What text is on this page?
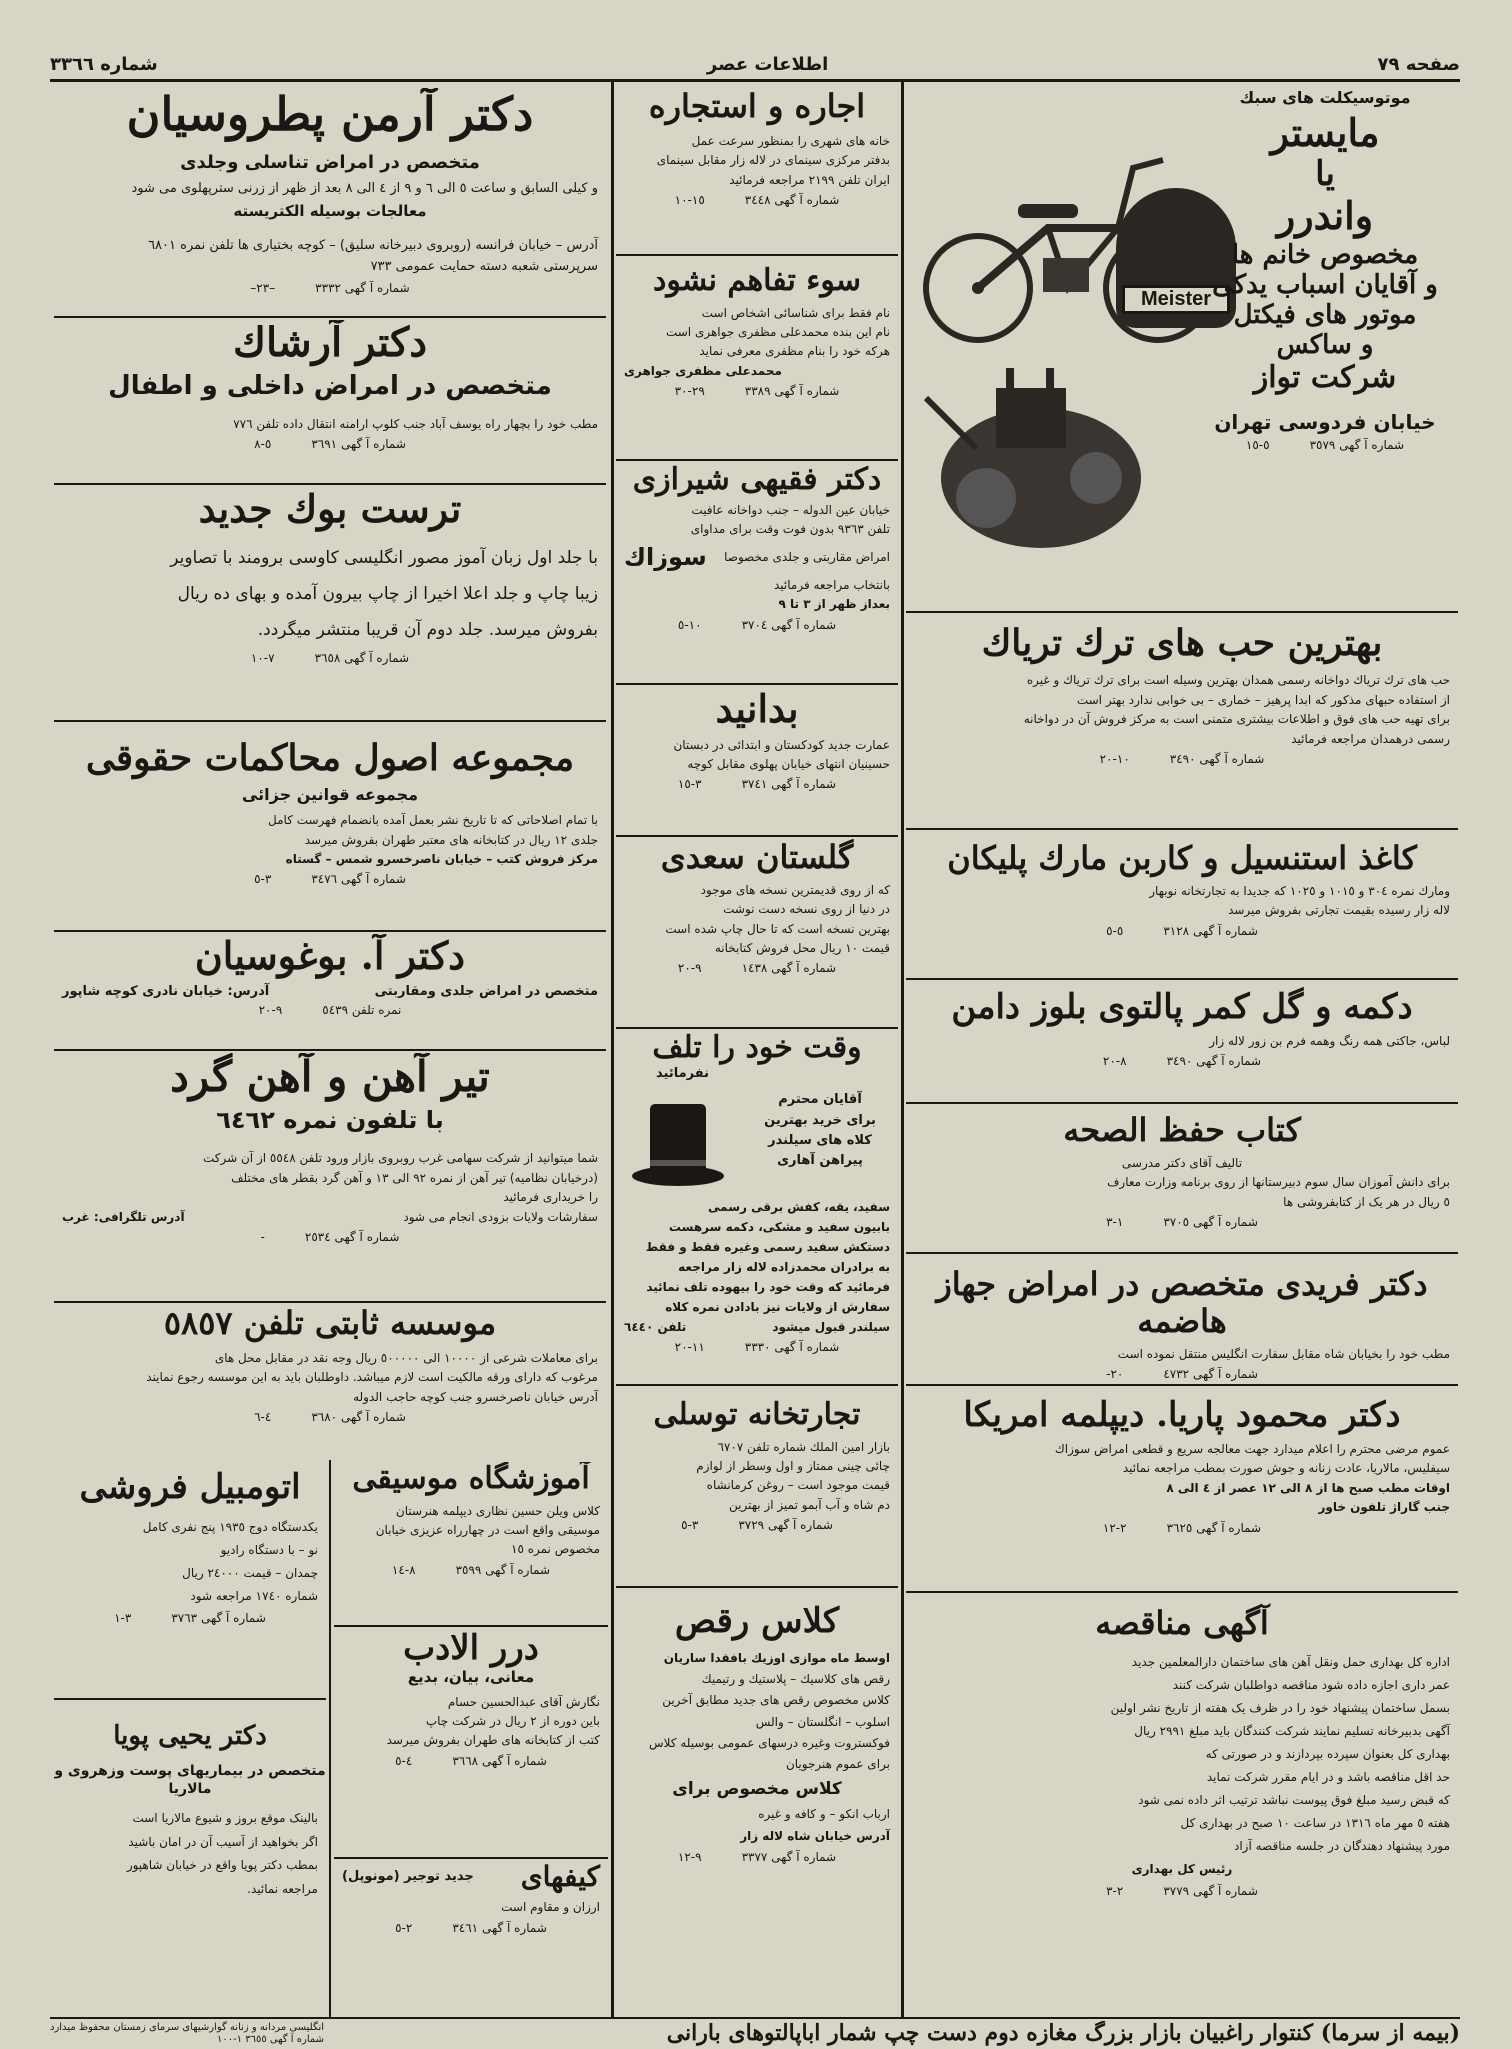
صفحه ٧٩
اطلاعات عصر
شماره ٣٣٦٦
دکتر آرمن پطروسیان
متخصص در امراض تناسلی وجلدی

و کیلی السابق و ساعت ٥ الی ٦ و ٩ از ٤ الی ٨ بعد از ظهر از زرنی سترپهلوی می شود

معالجات بوسیله الکتریسته

آدرس – خیابان فرانسه (روبروی دبیرخانه سلیق) – کوچه بختیاری ها تلفن نمره ٦٨٠١

سرپرستی شعبه دسته حمایت عمومی ٧٣٣

شماره آ گهی ٣٣٣٢–٢٣–
دکتر آرشاك
متخصص در امراض داخلی و اطفال

مطب خود را بچهار راه یوسف آباد جنب کلوپ ارامنه انتقال داده تلفن ٧٧٦

شماره آ گهی ٣٦٩١٥-٨
ترست بوك جدید

با جلد اول زبان آموز مصور انگلیسی کاوسی برومند با تصاویر

زیبا چاپ و جلد اعلا اخیرا از چاپ بیرون آمده و بهای ده ریال

بفروش میرسد. جلد دوم آن قریبا منتشر میگردد.

شماره آ گهی ٣٦٥٨٧-١٠
مجموعه اصول محاکمات حقوقی
مجموعه قوانین جزائی

با تمام اصلاحاتی که تا تاریخ نشر بعمل آمده بانضمام فهرست کامل

جلدی ١٢ ریال در کتابخانه های معتبر طهران بفروش میرسد

مرکز فروش کتب – خیابان ناصرخسرو شمس – گستاه

شماره آ گهی ٣٤٧٦٣-٥
دکتر آ. بوغوسیان
متخصص در امراض جلدی ومقاربتی
آدرس: خیابان نادری کوچه شاپور
نمره تلفن ٥٤٣٩٩-٢٠
تیر آهن و آهن گرد
با تلفون نمره ٦٤٦٢

شما میتوانید از شرکت سهامی غرب روبروی بازار ورود تلفن ٥٥٤٨ از آن شرکت

(درخیابان نظامیه) تیر آهن از نمره ٩٢ الی ١٣ و آهن گرد بقطر های مختلف

را خریداری فرمائید

سفارشات ولایات بزودی انجام می شود
آدرس تلگرافی: غرب

شماره آ گهی ٢٥٣٤-
موسسه ثابتی تلفن ٥٨٥٧

برای معاملات شرعی از ١٠٠٠٠ الی ٥٠٠٠٠٠ ریال وجه نقد در مقابل محل های

مرغوب که دارای ورقه مالکیت است لازم میباشد. داوطلبان باید به این موسسه رجوع نمایند

آدرس خیابان ناصرخسرو جنب کوچه حاجب الدوله

شماره آ گهی ٣٦٨٠٤-٦
آموزشگاه موسیقی

کلاس ویلن حسین نظاری دیپلمه هنرستان

موسیقی واقع است در چهارراه عزیزی خیابان

مخصوص نمره ١٥

شماره آ گهی ٣٥٩٩٨-١٤
درر الادب
معانی، بیان، بدیع

نگارش آقای عبدالحسین حسام

باین دوره از ٢ ریال در شرکت چاپ

کتب از کتابخانه های طهران بفروش میرسد

شماره آ گهی ٣٦٦٨٤-٥
کیفهای
جدید توجیر (مونوپل)

ارزان و مقاوم است

شماره آ گهی ٣٤٦١٢-٥
اتومبیل فروشی

یکدستگاه دوج ١٩٣٥ پنج نفری کامل

نو – با دستگاه رادیو

چمدان – قیمت ٢٤٠٠٠ ریال

شماره ١٧٤٠ مراجعه شود

شماره آ گهی ٣٧٦٣٣-١
دکتر یحیی پویا
متخصص در بیماریهای پوست وزهروی و مالاریا

بالینک موقع بروز و شیوع مالاریا است

اگر بخواهید از آسیب آن در امان باشید

بمطب دکتر پویا واقع در خیابان شاهپور

مراجعه نمائید.

اجاره و استجاره

خانه های شهری را بمنظور سرعت عمل

بدفتر مرکزی سینمای در لاله زار مقابل سینمای

ایران تلفن ٢١٩٩ مراجعه فرمائید

شماره آ گهی ٣٤٤٨١٥-١٠
سوء تفاهم نشود

نام فقط برای شناسائی اشخاص است

نام این بنده محمدعلی مظفری جواهری است

هرکه خود را بنام مظفری معرفی نماید

محمدعلی مظفری جواهری

شماره آ گهی ٣٣٨٩٢٩-٣٠
دکتر فقیهی شیرازی

خیابان عین الدوله – جنب دواخانه عافیت

تلفن ٩٣٦٣ بدون فوت وقت برای مداوای

امراض مقاربتی و جلدی مخصوصا
سوزاك

بانتخاب مراجعه فرمائید

بعداز ظهر از ٣ تا ٩

شماره آ گهی ٣٧٠٤١٠-٥
بدانید

عمارت جدید کودکستان و ابتدائی در دبستان

حسینیان انتهای خیابان پهلوی مقابل کوچه

شماره آ گهی ٣٧٤١٣-١٥
گلستان سعدی

که از روی قدیمترین نسخه های موجود

در دنیا از روی نسخه دست نوشت

بهترین نسخه است که تا حال چاپ شده است

قیمت ١٠ ریال محل فروش کتابخانه

شماره آ گهی ١٤٣٨٩-٢٠
وقت خود را تلف
نفرمائید
آقایان محترم
برای خرید بهترین
کلاه های سیلندر
پیراهن آهاری

سفید، یقه، کفش برقی رسمی

بابیون سفید و مشکی، دکمه سرهست

دستکش سفید رسمی وغیره فقط و فقط

به برادران محمدزاده لاله زار مراجعه

فرمائید که وقت خود را بیهوده تلف نمائید

سفارش از ولایات نیز بادادن نمره کلاه

سیلندر قبول میشود
تلفن ٦٤٤٠

شماره آ گهی ٣٣٣٠١١-٢٠
تجارتخانه توسلی

بازار امین الملك شماره تلفن ٦٧٠٧

چائی چینی ممتاز و اول وسطر از لوازم

قیمت موجود است – روغن کرمانشاه

دم شاه و آب آبمو تمیز از بهترین

شماره آ گهی ٣٧٢٩٣-٥
کلاس رقص

اوسط ماه موازی اوزیك بافقدا ساریان

رقص های کلاسیك – پلاستیك و رتیمیك

کلاس مخصوص رقص های جدید مطابق آخرین

اسلوب – انگلستان – والس

فوکستروت وغیره درسهای عمومی بوسیله کلاس

برای عموم هنرجویان

کلاس مخصوص برای

ارباب انکو – و کافه و غیره

آدرس خیابان شاه لاله زار

شماره آ گهی ٣٣٧٧٩-١٢
Meister
موتوسیکلت های سبك
مایستر
یا
واندرر
مخصوص خانم ها
و آقایان اسباب یدکی
موتور های فیکتل
و ساکس
شرکت تواز
خیابان فردوسی تهران
شماره آ گهی ٣٥٧٩٥-١٥
بهترین حب های ترك تریاك

حب های ترك تریاك دواخانه رسمی همدان بهترین وسیله است برای ترك تریاك و غیره

از استفاده حبهای مذکور که ابدا پرهیز – خماری – بی خوابی ندارد بهتر است

برای تهیه حب های فوق و اطلاعات بیشتری متمنی است به مرکز فروش آن در دواخانه

رسمی درهمدان مراجعه فرمائید

شماره آ گهی ٣٤٩٠١٠-٢٠
کاغذ استنسیل و کاربن مارك پلیکان

ومارك نمره ٣٠٤ و ١٠١٥ و ١٠٢٥ که جدیدا به تجارتخانه نوبهار

لاله زار رسیده بقیمت تجارتی بفروش میرسد

شماره آ گهی ٣١٢٨٥-٥
دکمه و گل کمر پالتوی بلوز دامن

لباس، جاکتی همه رنگ وهمه فرم بن زور لاله زار

شماره آ گهی ٣٤٩٠٨-٢٠
کتاب حفظ الصحه

تالیف آقای دکتر مدرسی

برای دانش آموزان سال سوم دبیرستانها از روی برنامه وزارت معارف

٥ ریال در هر یک از کتابفروشی ها

شماره آ گهی ٣٧٠٥١-٣
دکتر فریدی متخصص در امراض جهاز هاضمه

مطب خود را بخیابان شاه مقابل سفارت انگلیس منتقل نموده است

شماره آ گهی ٤٧٣٢٢٠-
دکتر محمود پاریا. دیپلمه امریکا

عموم مرضی محترم را اعلام میدارد جهت معالجه سریع و قطعی امراض سوزاك

سیفلیس، مالاریا، عادت زنانه و جوش صورت بمطب مراجعه نمائید

اوقات مطب صبح ها از ٨ الی ١٢ عصر از ٤ الی ٨

جنب گاراژ تلفون خاور

شماره آ گهی ٣٦٢٥٢-١٢
آگهی مناقصه

اداره کل بهداری حمل ونقل آهن های ساختمان دارالمعلمین جدید

عمر داری اجازه داده شود مناقصه دواطلبان شرکت کنند

بسمل ساختمان پیشنهاد خود را در ظرف یک هفته از تاریخ نشر اولین

آگهی بدبیرخانه تسلیم نمایند شرکت کنندگان باید مبلغ ٢٩٩١ ریال

بهداری کل بعنوان سپرده بپردازند و در صورتی که

حد اقل مناقصه باشد و در ایام مقرر شرکت نماید

که قبض رسید مبلغ فوق پیوست نباشد ترتیب اثر داده نمی شود

هفته ٥ مهر ماه ١٣١٦ در ساعت ١٠ صبح در بهداری کل

مورد پیشنهاد دهندگان در جلسه مناقصه آزاد

رئیس کل بهداری

شماره آ گهی ٣٧٧٩٢-٣
(بیمه از سرما) کنتوار راغبیان بازار بزرگ مغازه دوم دست چپ شمار اباپالتوهای بارانی
انگلیسی مردانه و زنانه گوارشیهای سرمای زمستان محفوظ میدارد
شماره آ گهی ٣٦٥٥ ١-١٠٠
